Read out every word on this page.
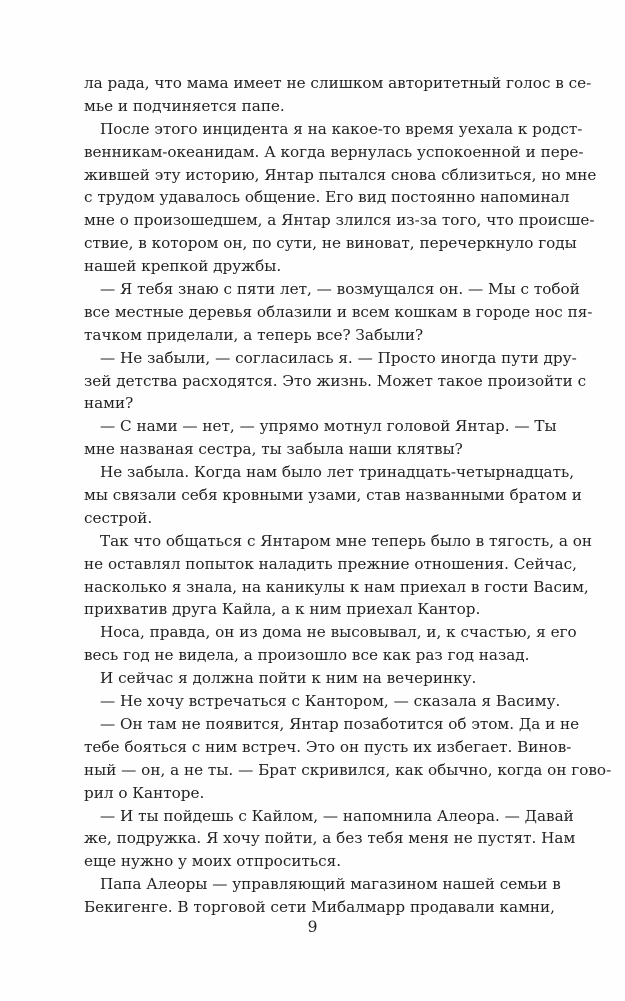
ла рада, что мама имеет не слишком авторитетный голос в се-
мье и подчиняется папе.
После этого инцидента я на какое-то время уехала к родст-
венникам-океанидам. А когда вернулась успокоенной и пере-
жившей эту историю, Янтар пытался снова сблизиться, но мне
с трудом удавалось общение. Его вид постоянно напоминал
мне о произошедшем, а Янтар злился из-за того, что происше-
ствие, в котором он, по сути, не виноват, перечеркнуло годы
нашей крепкой дружбы.
— Я тебя знаю с пяти лет, — возмущался он. — Мы с тобой
все местные деревья облазили и всем кошкам в городе нос пя-
тачком приделали, а теперь все? Забыли?
— Не забыли, — согласилась я. — Просто иногда пути дру-
зей детства расходятся. Это жизнь. Может такое произойти с
нами?
— С нами — нет, — упрямо мотнул головой Янтар. — Ты
мне названая сестра, ты забыла наши клятвы?
Не забыла. Когда нам было лет тринадцать-четырнадцать,
мы связали себя кровными узами, став названными братом и
сестрой.
Так что общаться с Янтаром мне теперь было в тягость, а он
не оставлял попыток наладить прежние отношения. Сейчас,
насколько я знала, на каникулы к нам приехал в гости Васим,
прихватив друга Кайла, а к ним приехал Кантор.
Носа, правда, он из дома не высовывал, и, к счастью, я его
весь год не видела, а произошло все как раз год назад.
И сейчас я должна пойти к ним на вечеринку.
— Не хочу встречаться с Кантором, — сказала я Васиму.
— Он там не появится, Янтар позаботится об этом. Да и не
тебе бояться с ним встреч. Это он пусть их избегает. Винов-
ный — он, а не ты. — Брат скривился, как обычно, когда он гово-
рил о Канторе.
— И ты пойдешь с Кайлом, — напомнила Алеора. — Давай
же, подружка. Я хочу пойти, а без тебя меня не пустят. Нам
еще нужно у моих отпроситься.
Папа Алеоры — управляющий магазином нашей семьи в
Бекигенге. В торговой сети Мибалмарр продавали камни,
9
